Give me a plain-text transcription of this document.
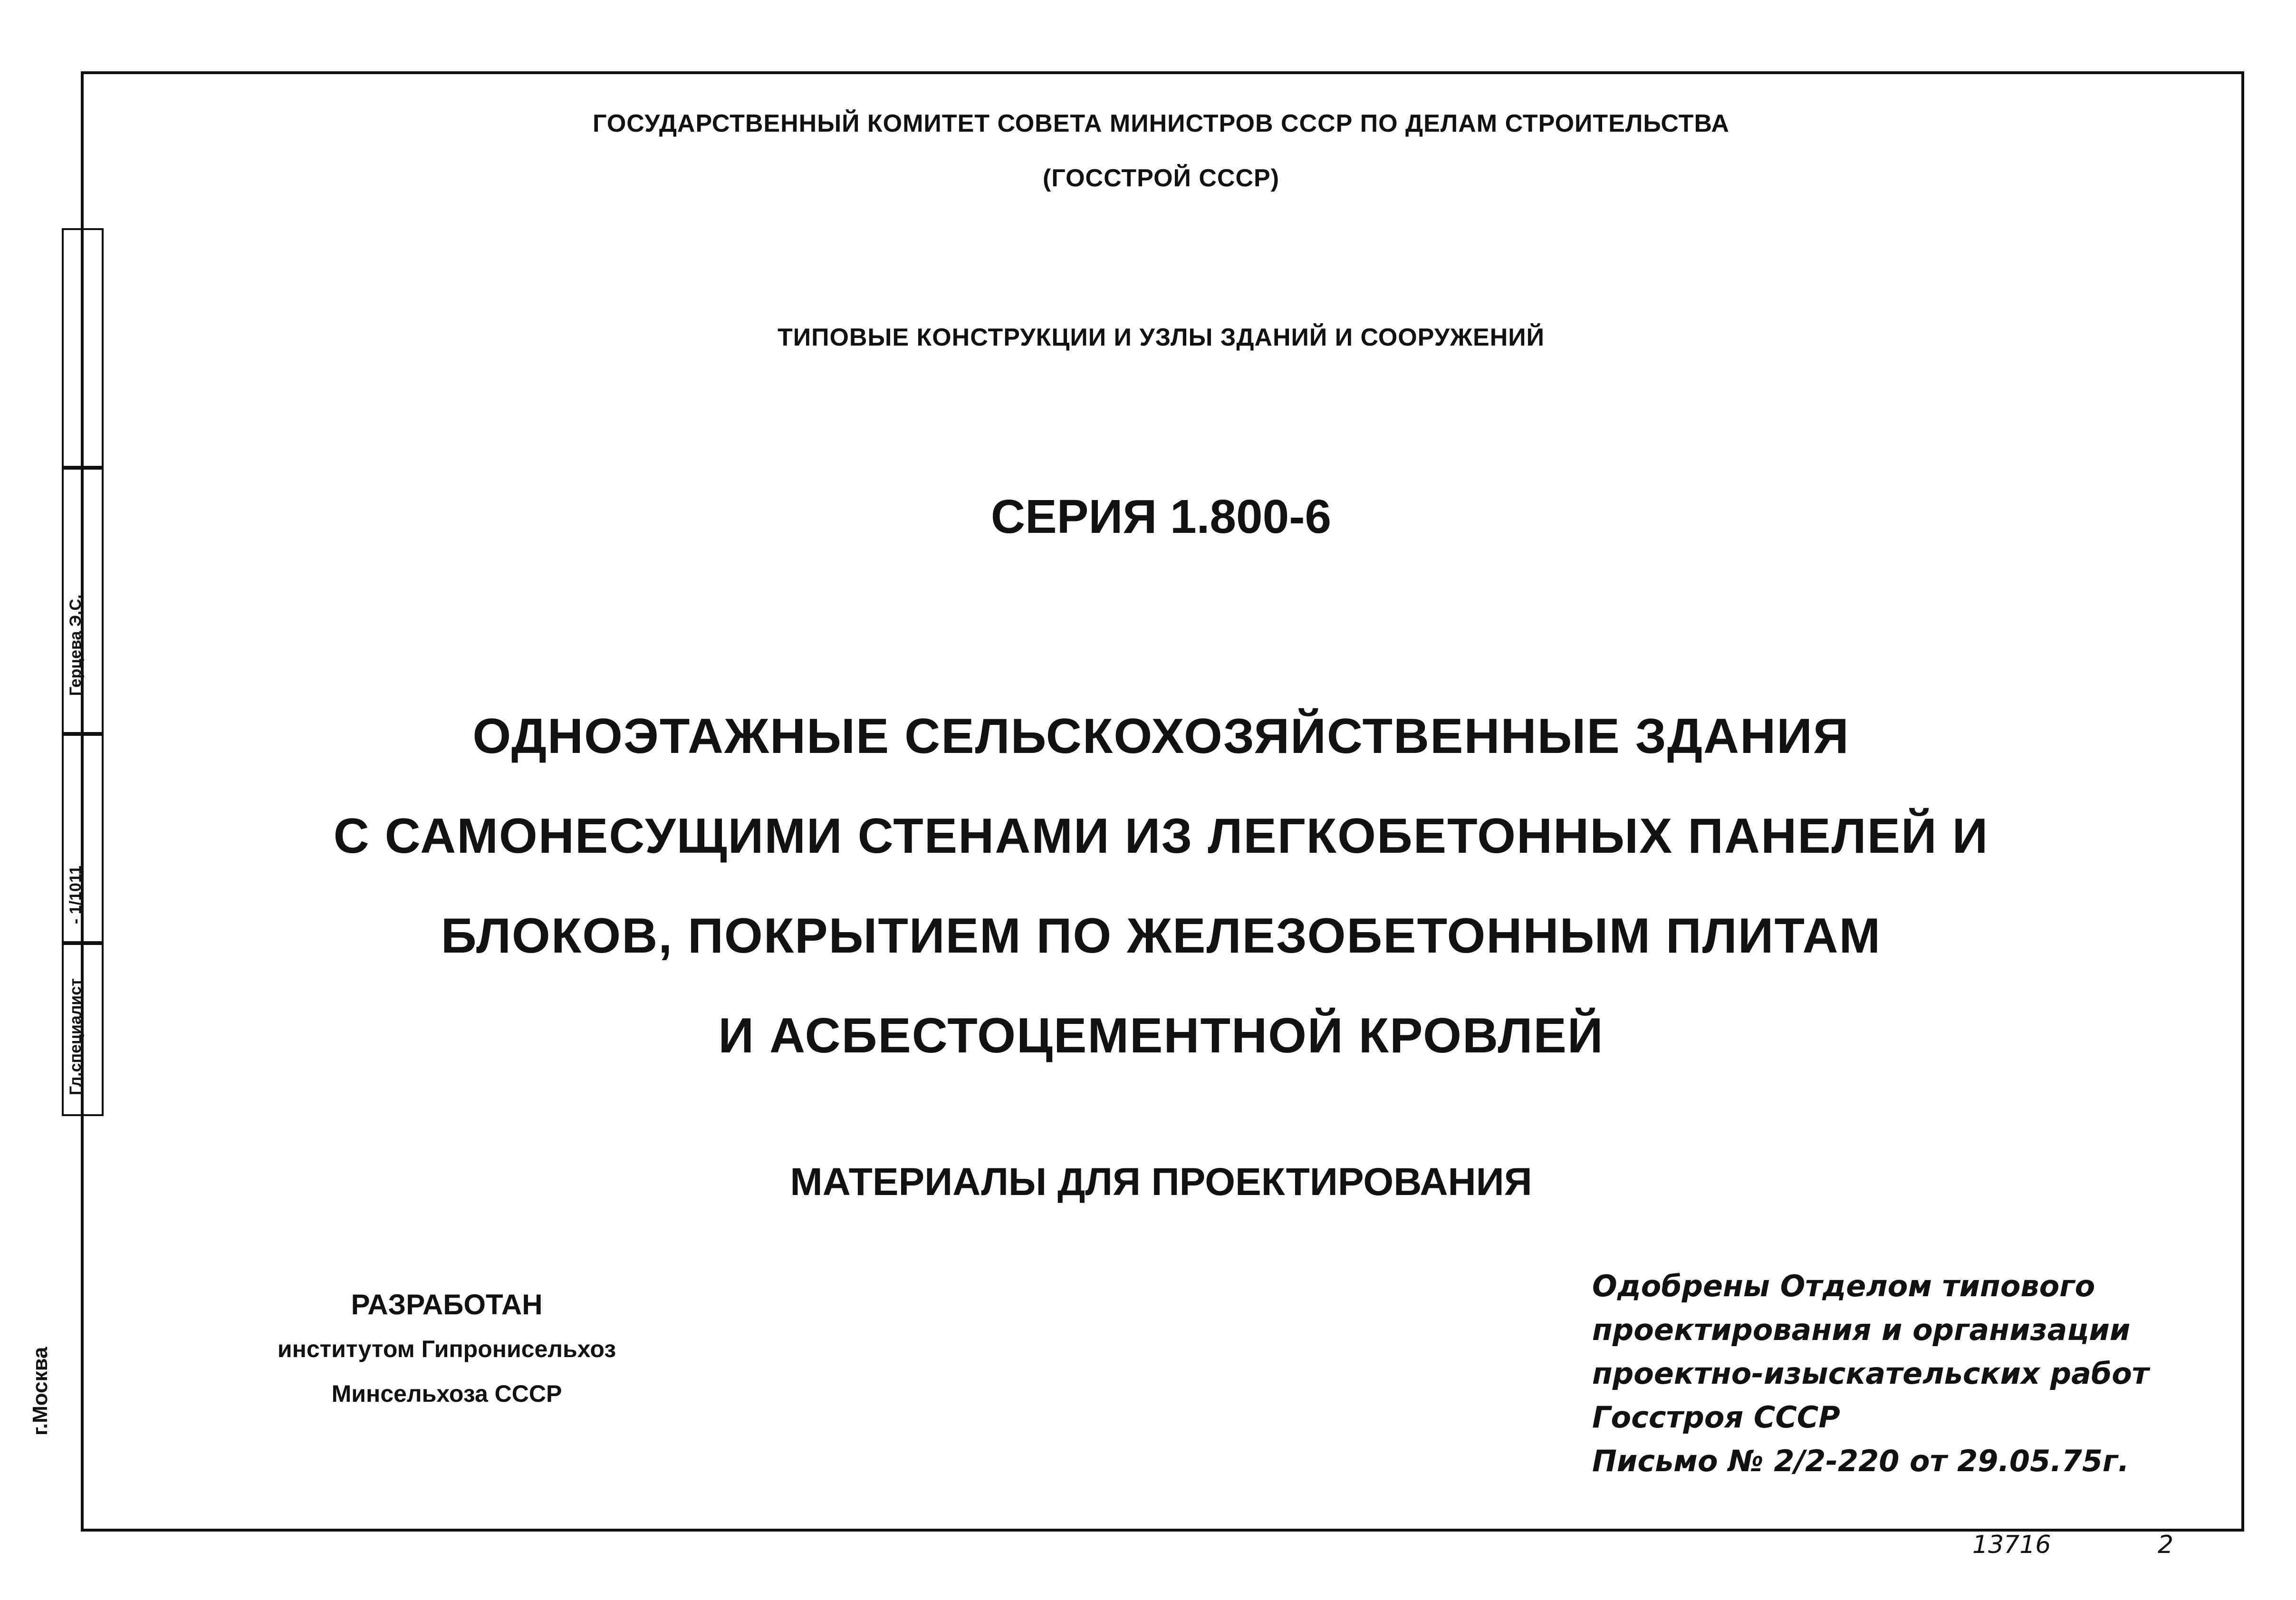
ГОСУДАРСТВЕННЫЙ КОМИТЕТ СОВЕТА МИНИСТРОВ СССР ПО ДЕЛАМ СТРОИТЕЛЬСТВА
(ГОССТРОЙ СССР)
ТИПОВЫЕ КОНСТРУКЦИИ И УЗЛЫ ЗДАНИЙ И СООРУЖЕНИЙ
СЕРИЯ 1.800-6
ОДНОЭТАЖНЫЕ СЕЛЬСКОХОЗЯЙСТВЕННЫЕ ЗДАНИЯ
С САМОНЕСУЩИМИ СТЕНАМИ ИЗ ЛЕГКОБЕТОННЫХ ПАНЕЛЕЙ И
БЛОКОВ, ПОКРЫТИЕМ ПО ЖЕЛЕЗОБЕТОННЫМ ПЛИТАМ
И АСБЕСТОЦЕМЕНТНОЙ КРОВЛЕЙ
МАТЕРИАЛЫ ДЛЯ ПРОЕКТИРОВАНИЯ
РАЗРАБОТАН
институтом Гипронисельхоз
Минсельхоза СССР
Одобрены Отделом типового
проектирования и организации
проектно-изыскательских работ
Госстроя СССР
Письмо № 2/2-220 от 29.05.75г.
Герцева Э.С.
- 1/1011
Гл.специалист
г.Москва
13716	2
